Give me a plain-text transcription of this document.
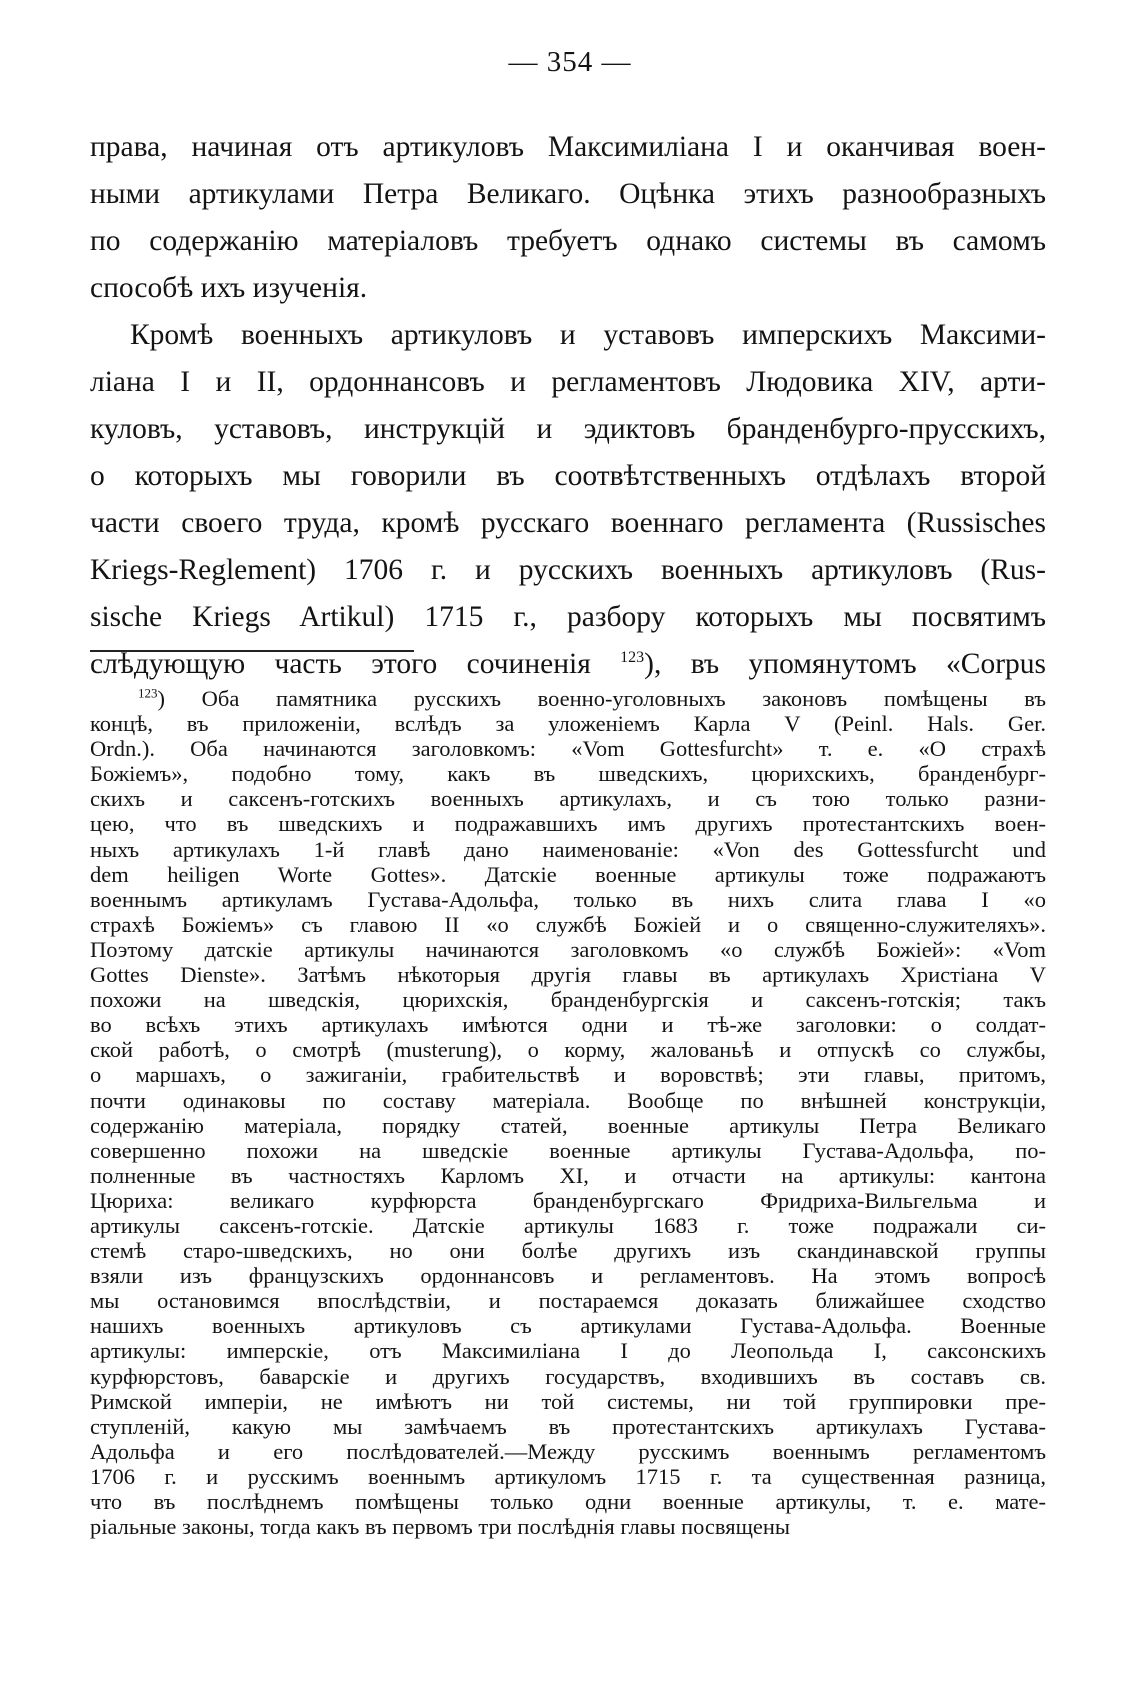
— 354 —
права, начиная отъ артикуловъ Максимиліана I и оканчивая воен-
ными артикулами Петра Великаго. Оцѣнка этихъ разнообразныхъ
по содержанію матеріаловъ требуетъ однако системы въ самомъ
способѣ ихъ изученія.
Кромѣ военныхъ артикуловъ и уставовъ имперскихъ Максими-
ліана I и II, ордоннансовъ и регламентовъ Людовика XIV, арти-
куловъ, уставовъ, инструкцій и эдиктовъ бранденбурго-прусскихъ,
о которыхъ мы говорили въ соотвѣтственныхъ отдѣлахъ второй
части своего труда, кромѣ русскаго военнаго регламента (Russisches
Kriegs-Reglement) 1706 г. и русскихъ военныхъ артикуловъ (Rus-
sische Kriegs Artikul) 1715 г., разбору которыхъ мы посвятимъ
слѣдующую часть этого сочиненія $^{123}$), въ упомянутомъ «Corpus
$^{123}$) Оба памятника русскихъ военно-уголовныхъ законовъ помѣщены въ
концѣ, въ приложеніи, вслѣдъ за уложеніемъ Карла V (Peinl. Hals. Ger.
Ordn.). Оба начинаются заголовкомъ: «Vom Gottesfurcht» т. е. «О страхѣ
Божіемъ», подобно тому, какъ въ шведскихъ, цюрихскихъ, бранденбург-
скихъ и саксенъ-готскихъ военныхъ артикулахъ, и съ тою только разни-
цею, что въ шведскихъ и подражавшихъ имъ другихъ протестантскихъ воен-
ныхъ артикулахъ 1-й главѣ дано наименованіе: «Von des Gottessfurcht und
dem heiligen Worte Gottes». Датскіе военные артикулы тоже подражаютъ
военнымъ артикуламъ Густава-Адольфа, только въ нихъ слита глава I «о
страхѣ Божіемъ» съ главою II «о службѣ Божіей и о священно-служителяхъ».
Поэтому датскіе артикулы начинаются заголовкомъ «о службѣ Божіей»: «Vom
Gottes Dienste». Затѣмъ нѣкоторыя другія главы въ артикулахъ Христіана V
похожи на шведскія, цюрихскія, бранденбургскія и саксенъ-готскія; такъ
во всѣхъ этихъ артикулахъ имѣются одни и тѣ-же заголовки: о солдат-
ской работѣ, о смотрѣ (musterung), о корму, жалованьѣ и отпускѣ со службы,
о маршахъ, о зажиганіи, грабительствѣ и воровствѣ; эти главы, притомъ,
почти одинаковы по составу матеріала. Вообще по внѣшней конструкціи,
содержанію матеріала, порядку статей, военные артикулы Петра Великаго
совершенно похожи на шведскіе военные артикулы Густава-Адольфа, по-
полненные въ частностяхъ Карломъ XI, и отчасти на артикулы: кантона
Цюриха: великаго курфюрста бранденбургскаго Фридриха-Вильгельма и
артикулы саксенъ-готскіе. Датскіе артикулы 1683 г. тоже подражали си-
стемѣ старо-шведскихъ, но они болѣе другихъ изъ скандинавской группы
взяли изъ французскихъ ордоннансовъ и регламентовъ. На этомъ вопросѣ
мы остановимся впослѣдствіи, и постараемся доказать ближайшее сходство
нашихъ военныхъ артикуловъ съ артикулами Густава-Адольфа. Военные
артикулы: имперскіе, отъ Максимиліана I до Леопольда I, саксонскихъ
курфюрстовъ, баварскіе и другихъ государствъ, входившихъ въ составъ св.
Римской имперіи, не имѣютъ ни той системы, ни той группировки пре-
ступленій, какую мы замѣчаемъ въ протестантскихъ артикулахъ Густава-
Адольфа и его послѣдователей.—Между русскимъ военнымъ регламентомъ
1706 г. и русскимъ военнымъ артикуломъ 1715 г. та существенная разница,
что въ послѣднемъ помѣщены только одни военные артикулы, т. е. мате-
ріальные законы, тогда какъ въ первомъ три послѣднія главы посвящены
